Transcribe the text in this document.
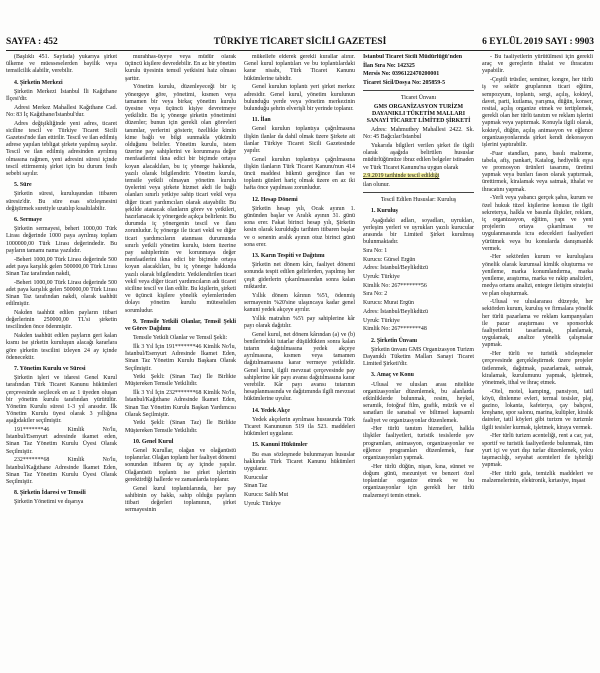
SAYFA : 452	TÜRKİYE TİCARET SİCİLİ GAZETESİ	6 EYLÜL 2019 SAYI : 9903

(Başlıklı 451. Sayfada) yukarıya şirket ülkeme ve müesseselerden bayilik veya temsilcilik alabilir, verebilir.

4. Şirketin Merkezi

Şirketin Merkezi İstanbul İli Kağıthane İlçesi'dir.

Adresi Merkez Mahallesi Kağıthane Cad. No: 83 İç Kağıthane/İstanbul'dur.

Adres değişikliğinde yeni adres, ticaret siciline tescil ve Türkiye Ticaret Sicili Gazetesi'nde ilan ettirilir. Tescil ve ilan edilmiş adrese yapılan tebligat şirkete yapılmış sayılır. Tescil ve ilan edilmiş adresinden ayrılmış olmasına rağmen, yeni adresini süresi içinde tescil ettirmemiş şirket için bu durum fesih sebebi sayılır.

5. Süre

Şirketin süresi, kuruluşundan itibaren süresiz'dir. Bu süre esas sözleşmesini değiştirmek suretiyle uzatılıp kısaltılabilir.

6. Sermaye

Şirketin sermayesi, beheri 1000,00 Türk Lirası değerinde 1000 paya ayrılmış toplam 1000000,00 Türk Lirası değerindedir. Bu payların tamamı nama yazılıdır.

-Beheri 1000,00 Türk Lirası değerinde 500 adet paya karşılık gelen 500000,00 Türk Lirası Sinan Taz tarafından nakdi,

-Beheri 1000,00 Türk Lirası değerinde 500 adet paya karşılık gelen 500000,00 Türk Lirası Sinan Taz tarafından nakdi, olarak taahhüt edilmiştir.

Nakden taahhüt edilen payların itibari değerlerinin 250000,00 TL'si şirketin tescilinden önce ödenmiştir.

Nakden taahhüt edilen payların geri kalan kısmı ise şirketin kuruluşun alacağı kararlara göre şirketin tescilini izleyen 24 ay içinde ödenecektir.

7. Yönetim Kurulu ve Süresi

Şirketin işleri ve idaresi Genel Kurul tarafından Türk Ticaret Kanunu hükümleri çerçevesinde seçilecek en az 1 üyeden oluşan bir yönetim kurulu tarafından yürütülür. Yönetim Kurulu süresi 1-3 yıl arasıdır. İlk Yönetim Kurulu üyesi olarak 3 yıllığına aşağıdakiler seçilmiştir.

191*******46 Kimlik No'lu, İstanbul/Esenyurt adresinde ikamet eden, Sinan Taz Yönetim Kurulu Üyesi Olarak Seçilmiştir.

232*******68 Kimlik No'lu, İstanbul/Kağıthane Adresinde İkamet Eden, Sinan Taz Yönetim Kurulu Üyesi Olarak Seçilmiştir.

8. Şirketin İdaresi ve Temsili

Şirketin Yönetimi ve dışarıya

murahhas-üyeye veya müdür olarak üçüncü kişilere devredebilir. En az bir yönetim kurulu üyesinin temsil yetkisini haiz olması şarttır.

Yönetim kurulu, düzenleyeceği bir iç yönergeye göre, yönetimi, kısmen veya tamamen bir veya birkaç yönetim kurulu üyesine veya üçüncü kişiye devretmeye yetkilidir. Bu iç yönerge şirketin yönetimini düzenler; bunun için gerekli olan görevleri tanımlar, yerlerini gösterir, özellikle kimin kime bağlı ve bilgi sunmakla yükümlü olduğunu belirler. Yönetim kurulu, istem üzerine pay sahiplerini ve korunmaya değer menfaatlerini ikna edici bir biçimde ortaya koyan alacaklıları, bu iç yönerge hakkında, yazılı olarak bilgilendirir. Yönetim kurulu, temsile yetkili olmayan yönetim kurulu üyelerini veya şirkete hizmet akdi ile bağlı olanları sınırlı yetkiye sahip ticari vekil veya diğer ticari yardımcıları olarak atayabilir. Bu şekilde atanacak olanların görev ve yetkileri, hazırlanacak iç yönergede açıkça belirlenir. Bu durumda iç yönergenin tescil ve ilanı zorunludur. İç yönerge ile ticari vekil ve diğer ticari yardımcıların atanması durumunda sınırlı yetkili yönetim kurulu, istem üzerine pay sahiplerinin ve korunmaya değer menfaatlerini ikna edici bir biçimde ortaya koyan alacaklıları, bu iç yönerge hakkında yazılı olarak bilgilendirir. Yetkilendirilen ticari vekil veya diğer ticari yardımcıların adı ticaret siciline tescil ve ilan edilir. Bu kişilerin, şirketi ve üçüncü kişilere yönelik eylemlerinden dolayı yönetim kurulu müteselsilen sorumludur.

9. Temsile Yetkili Olanlar, Temsil Şekli ve Görev Dağılımı

Temsile Yetkili Olanlar ve Temsil Şekli:

İlk 3 Yıl İçin 191*******46 Kimlik No'lu, İstanbul/Esenyurt Adresinde İkamet Eden, Sinan Taz Yönetim Kurulu Başkanı Olarak Seçilmiştir.

Yetki Şekli: (Sinan Taz) İle Birlikte Müştereken Temsile Yetkilidir.

İlk 3 Yıl İçin 232*******68 Kimlik No'lu, İstanbul/Kağıthane Adresinde İkamet Eden, Sinan Taz Yönetim Kurulu Başkan Yardımcısı Olarak Seçilmiştir.

Yetki Şekli: (Sinan Taz) İle Birlikte Müştereken Temsile Yetkilidir.

10. Genel Kurul

Genel Kurullar, olağan ve olağanüstü toplanırlar. Olağan toplantı her faaliyet dönemi sonundan itibaren üç ay içinde yapılır. Olağanüstü toplantı ise şirket işlerinin gerektirdiği hallerde ve zamanlarda toplanır.

Genel kurul toplantılarında, her pay sahibinin oy hakkı, sahip olduğu payların itibari değerleri toplamının, şirket sermayesinin

mükellefe elderek gerekli kurallar alınır. Genel kurul toplantıları ve bu toplantılardaki karar nisabı, Türk Ticaret Kanunu hükümlerine tabidir.

Genel kurulun toplantı yeri şirket merkez adresidir. Genel kurul, yönetim kurulunun bulunduğu yerde veya yönetim merkezinin bulunduğu şehrin elverişli bir yerinde toplanır.

11. İlan

Genel kurulun toplantıya çağrılmasına ilişkin ilanlar da dahil olmak üzere Şirkete ait ilanlar Türkiye Ticaret Sicili Gazetesinde yapılır.

Genel kurulun toplantıya çağrılmasına ilişkin ilanların Türk Ticaret Kanunu'nun 414 üncü maddesi hükmü gereğince ilan ve toplantı günleri hariç olmak üzere en az iki hafta önce yapılması zorunludur.

12. Hesap Dönemi

Şirketin hesap yılı, Ocak ayının 1. gününden başlar ve Aralık ayının 31. günü sona erer. Fakat birinci hesap yılı, Şirketin kesin olarak kurulduğu tarihten itibaren başlar ve o senenin aralık ayının otuz birinci günü sona erer.

13. Karın Tespiti ve Dağıtımı

Şirketin net dönem kârı, faaliyet dönemi sonunda tespit edilen gelirlerden, yapılmış her çeşit giderlerin çıkarılmasından sonra kalan miktardır.

Yıllık dönem kârının %5'i, ödenmiş sermayenin %20'sine ulaşıncaya kadar genel kanuni yedek akçeye ayrılır.

Yıllık matrahın %5'i pay sahiplerine kâr payı olarak dağıtılır.

Genel kurul, net dönem kârından (a) ve (b) bentlerindeki tutarlar düşüldükten sonra kalan tutarın dağıtılmasına yedek akçeye ayrılmasına, kısmen veya tamamen dağıtılmamasına karar vermeye yetkilidir. Genel kurul, ilgili mevzuat çerçevesinde pay sahiplerine kâr payı avansı dağıtılmasına karar verebilir. Kâr payı avansı tutarının hesaplanmasında ve dağıtımında ilgili mevzuat hükümlerine uyulur.

14. Yedek Akçe

Yedek akçelerin ayrılması hususunda Türk Ticaret Kanununun 519 ila 523. maddeleri hükümleri uygulanır.

15. Kanuni Hükümler

Bu esas sözleşmede bulunmayan hususlar hakkında Türk Ticaret Kanunu hükümleri uygulanır.

Kurucular

Sinan Taz

Kurucu: Salih Mut

Uyruk: Türkiye

İstanbul Ticaret Sicili Müdürlüğü'nden

İlan Sıra No: 142325

Mersis No: 0396122470200001

Ticaret Sicil/Dosya No: 205859-5

Ticaret Ünvanı

GMS ORGANİZASYON TURİZM DAYANIKLI TÜKETİM MALLARI SANAYİ TİCARET LİMİTED ŞİRKETİ

Adres: Mahmutbey Mahallesi 2422. Sk. No: 45 Bağcılar/İstanbul

Yukarıda bilgileri verilen şirket ile ilgili olarak aşağıda belirtilen hususlar müdürlüğümüze ibraz edilen belgeler istinaden ve Türk Ticaret Kanunu'na uygun olarak

2.9.2019 tarihinde tescil edildiği

ilan olunur.

Tescil Edilen Hususlar: Kuruluş

1. Kuruluş

Aşağıdaki adları, soyadları, uyrukları, yerleşim yerleri ve uyrukları yazılı kurucular arasında bir Limited Şirket kurulmuş bulunmaktadır.

Sıra No: 1

Kurucu: Gürsel Ergün

Adres: İstanbul/Beylikdüzü

Uyruk: Türkiye

Kimlik No: 267*******56

Sıra No: 2

Kurucu: Murat Ergün

Adres: İstanbul/Beylikdüzü

Uyruk: Türkiye

Kimlik No: 267*******48

2. Şirketin Ünvanı

Şirketin ünvanı GMS Organizasyon Turizm Dayanıklı Tüketim Malları Sanayi Ticaret Limited Şirketi'dir.

3. Amaç ve Konu

-Ulusal ve ulusları arası nitelikte organizasyonlar düzenlemek, bu alanlarda etkinliklerde bulunmak, resim, heykel, seramik, fotoğraf film, grafik, müzik ve el sanatları ile sanatsal ve bilimsel kapsamlı faaliyet ve organizasyonlar düzenlemek.

-Her türlü tanıtım hizmetleri, halkla ilişkiler faaliyetleri, turistik tesislerde şov programları, animasyon, organizasyonlar ve eğlence programları düzenlemek, fuar organizasyonları yapmak.

-Her türlü düğün, nişan, kına, sünnet ve doğum günü, mezuniyet ve benzeri özel toplantılar organize etmek ve bu organizasyonlar için gerekli her türlü malzemeyi temin etmek.

- Bu faaliyetlerin yürütülmesi için gerekli araç ve gereçlerin ithalat ve ihracatını yapabilir.

-Çeşitli trüstler, seminer, kongre, her türlü iş ve sektör gruplarının ticari eğitim, sempozyum, toplantı, sergi, açılış, kokteyl, davet, parti, kutlama, yarışma, düğün, konser, resital, açılış organize etmek ve tertiplemek, gerekli olan her türlü tanıtım ve reklam işlerini yapmak veya yaptırmak. Konuyla ilgili olarak, kokteyl, düğün, açılış animasyon ve eğlence organizasyonlarında şirket kendi dekorasyon işlerini yaptırabilir.

-Fuar standları, pano, basılı malzeme, tabela, afiş, pankart, Katalog, hediyelik eşya ve promosyon ürünleri tasarımı, üretimi yapmak veya bunları fason olarak yaptırmak, ürettirmek, kiralamak veya satmak, ithalat ve ihracatını yapmak.

-Yerli veya yabancı gerçek şahıs, kurum ve özel hukuk tüzel kişilerine konusu ile ilgili sekreterya, halkla ve basınla ilişkiler, reklam, iç organizasyon, eğitim, yapı ve yeni projelerin ortaya çıkarılması ve uygulanmasında icra edecekleri faaliyetleri yürütmek veya bu konularda danışmanlık vermek.

-Her sektörden kurum ve kuruluşlara yönelik olarak kurumsal kimlik oluşturma ve yenileme, marka konumlandırma, marka yenileme, araştırma, marka ve rakip analizleri, medya ortamı analizi, entegre iletişim stratejisi ve plan oluşturmak.

-Ulusal ve uluslararası düzeyde, her sektörden kurum, kuruluş ve firmalara yönelik her türlü pazarlama ve reklam kampanyaları ile pazar araştırması ve sponsorluk faaliyetlerini tasarlamak, planlamak, uygulamak, analize yönelik çalışmalar yapmak.

-Her türlü ve turistik sözleşmeler çerçevesinde gerçekleştirmek üzere projeler üstlenmek, dağıtmak, pazarlamak, satmak, kiralamak, kurulumunu yapmak, işletmek, yönetmek, ithal ve ihraç etmek.

-Otel, motel, kamping, pansiyon, tatil köyü, dinlenme evleri, termal tesisler, plaj, gazino, lokanta, kafeterya, çay bahçesi, kreşhane, spor salonu, marina, kulüpler, kiralık daireler, tatil köyleri gibi turizm ve turizmle ilgili tesisler kurmak, işletmek, kiraya vermek.

-Her türlü turizm acenteliği, rent a car, yat, sportif ve turistik faaliyetlerde bulunmak, tüm yurt içi ve yurt dışı turlar düzenlemek, yolcu taşımacılığı, seyahat acenteleri ile işbirliği yapmak.

-Her türlü gıda, temizlik maddeleri ve malzemelerinin, elektronik, kırtasiye, inşaat
